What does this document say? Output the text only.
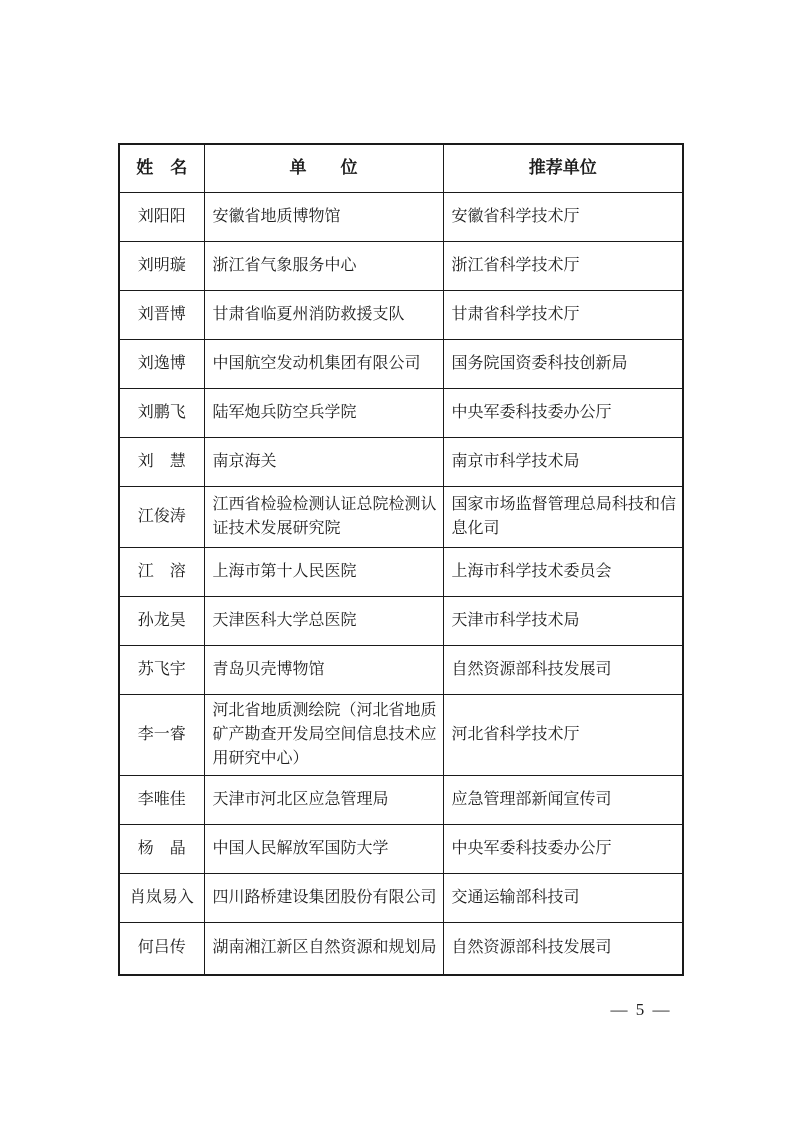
姓　名	单　　位	推荐单位
刘阳阳	安徽省地质博物馆	安徽省科学技术厅
刘明璇	浙江省气象服务中心	浙江省科学技术厅
刘晋博	甘肃省临夏州消防救援支队	甘肃省科学技术厅
刘逸博	中国航空发动机集团有限公司	国务院国资委科技创新局
刘鹏飞	陆军炮兵防空兵学院	中央军委科技委办公厅
刘　慧	南京海关	南京市科学技术局
江俊涛	江西省检验检测认证总院检测认证技术发展研究院	国家市场监督管理总局科技和信息化司
江　溶	上海市第十人民医院	上海市科学技术委员会
孙龙昊	天津医科大学总医院	天津市科学技术局
苏飞宇	青岛贝壳博物馆	自然资源部科技发展司
李一睿	河北省地质测绘院（河北省地质矿产勘查开发局空间信息技术应用研究中心）	河北省科学技术厅
李唯佳	天津市河北区应急管理局	应急管理部新闻宣传司
杨　晶	中国人民解放军国防大学	中央军委科技委办公厅
肖岚易入	四川路桥建设集团股份有限公司	交通运输部科技司
何吕传	湖南湘江新区自然资源和规划局	自然资源部科技发展司
— 5 —
